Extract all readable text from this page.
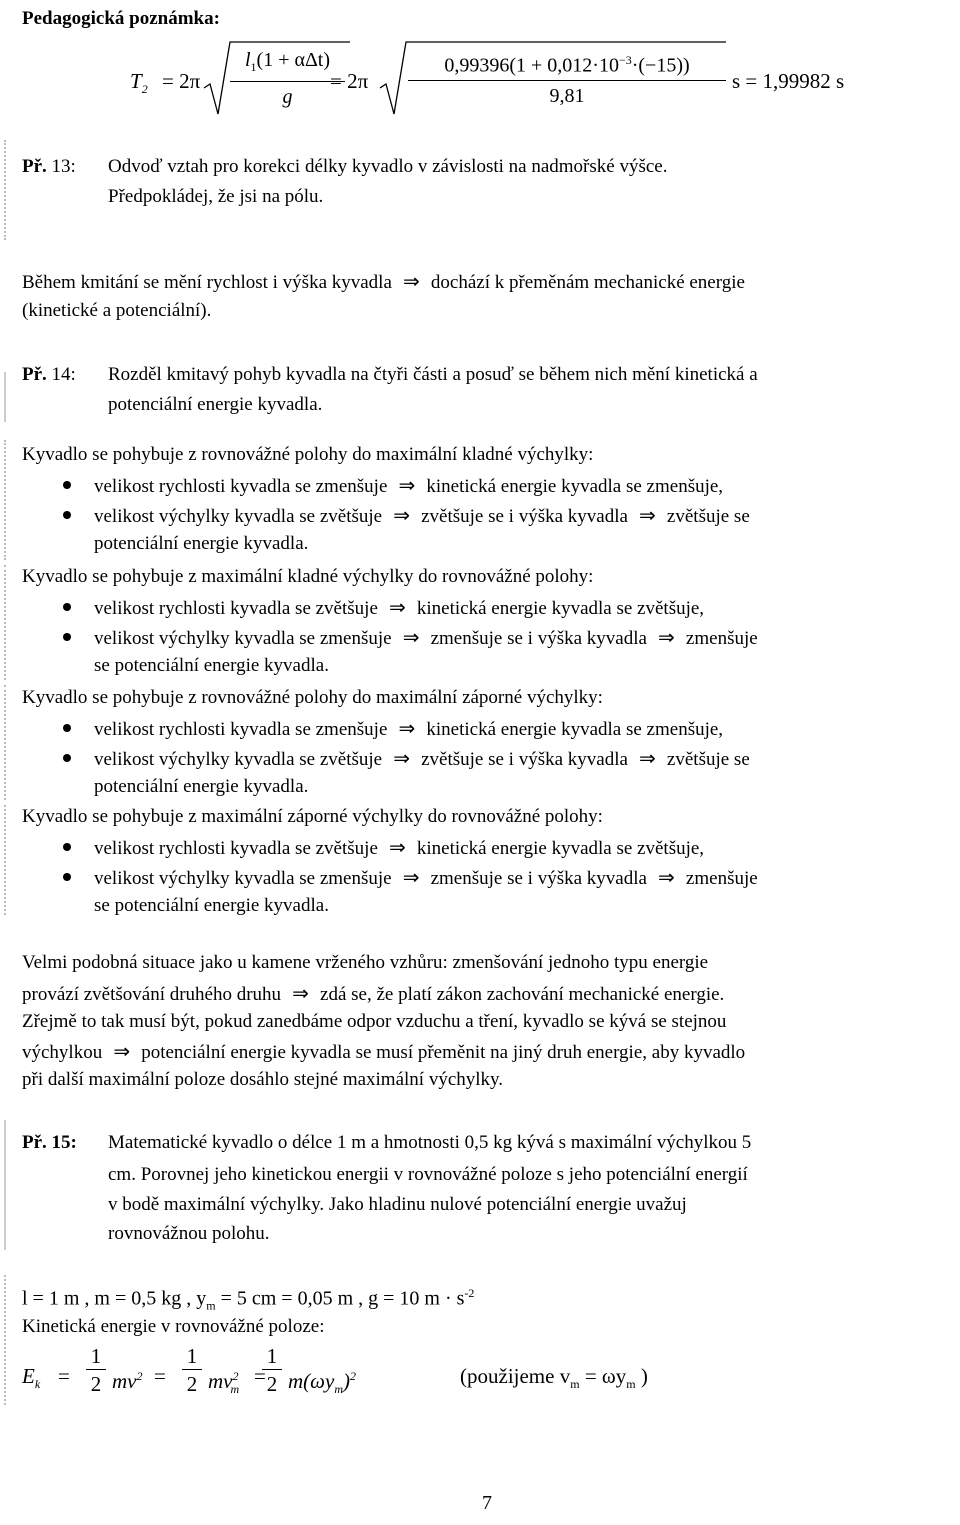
Pedagogická poznámka:
$T_2 = 2\pi$
$l_1(1 + \alpha\Delta t)$
g
= 2π
$0,99396(1 + 0,012\cdot 10^{-3}\cdot(-15))$
9,81
s = 1,99982 s
Př. 13: Odvoď vztah pro korekci délky kyvadlo v závislosti na nadmořské výšce.
Předpokládej, že jsi na pólu.
Během kmitání se mění rychlost i výška kyvadla  ⇒  dochází k přeměnám mechanické energie
(kinetické a potenciální).
Př. 14: Rozděl kmitavý pohyb kyvadla na čtyři části a posuď se během nich mění kinetická a
potenciální energie kyvadla.
Kyvadlo se pohybuje z rovnovážné polohy do maximální kladné výchylky:
velikost rychlosti kyvadla se zmenšuje  ⇒  kinetická energie kyvadla se zmenšuje,
velikost výchylky kyvadla se zvětšuje  ⇒  zvětšuje se i výška kyvadla  ⇒  zvětšuje se
potenciální energie kyvadla.
Kyvadlo se pohybuje z maximální kladné výchylky do rovnovážné polohy:
velikost rychlosti kyvadla se zvětšuje  ⇒  kinetická energie kyvadla se zvětšuje,
velikost výchylky kyvadla se zmenšuje  ⇒  zmenšuje se i výška kyvadla  ⇒  zmenšuje
se potenciální energie kyvadla.
Kyvadlo se pohybuje z rovnovážné polohy do maximální záporné výchylky:
velikost rychlosti kyvadla se zmenšuje  ⇒  kinetická energie kyvadla se zmenšuje,
velikost výchylky kyvadla se zvětšuje  ⇒  zvětšuje se i výška kyvadla  ⇒  zvětšuje se
potenciální energie kyvadla.
Kyvadlo se pohybuje z maximální záporné výchylky do rovnovážné polohy:
velikost rychlosti kyvadla se zvětšuje  ⇒  kinetická energie kyvadla se zvětšuje,
velikost výchylky kyvadla se zmenšuje  ⇒  zmenšuje se i výška kyvadla  ⇒  zmenšuje
se potenciální energie kyvadla.
Velmi podobná situace jako u kamene vrženého vzhůru: zmenšování jednoho typu energie
provází zvětšování druhého druhu  ⇒  zdá se, že platí zákon zachování mechanické energie.
Zřejmě to tak musí být, pokud zanedbáme odpor vzduchu a tření, kyvadlo se kývá se stejnou
výchylkou  ⇒  potenciální energie kyvadla se musí přeměnit na jiný druh energie, aby kyvadlo
při další maximální poloze dosáhlo stejné maximální výchylky.
Př. 15: Matematické kyvadlo o délce 1 m a hmotnosti 0,5 kg kývá s maximální výchylkou 5
cm. Porovnej jeho kinetickou energii v rovnovážné poloze s jeho potenciální energií
v bodě maximální výchylky. Jako hladinu nulové potenciální energie uvažuj
rovnovážnou polohu.
l = 1 m , m = 0,5 kg , $y_m = 5$ cm = 0,05 m , g = 10 $m \cdot s^{-2}$
Kinetická energie v rovnovážné poloze:
$E_k$ =
1
2 $mv^2$ =
1
2 $mv^2_m$
=
1
2 $m(\omega y_m)^2$	(použijeme $v_m = \omega y_m$ )
7
